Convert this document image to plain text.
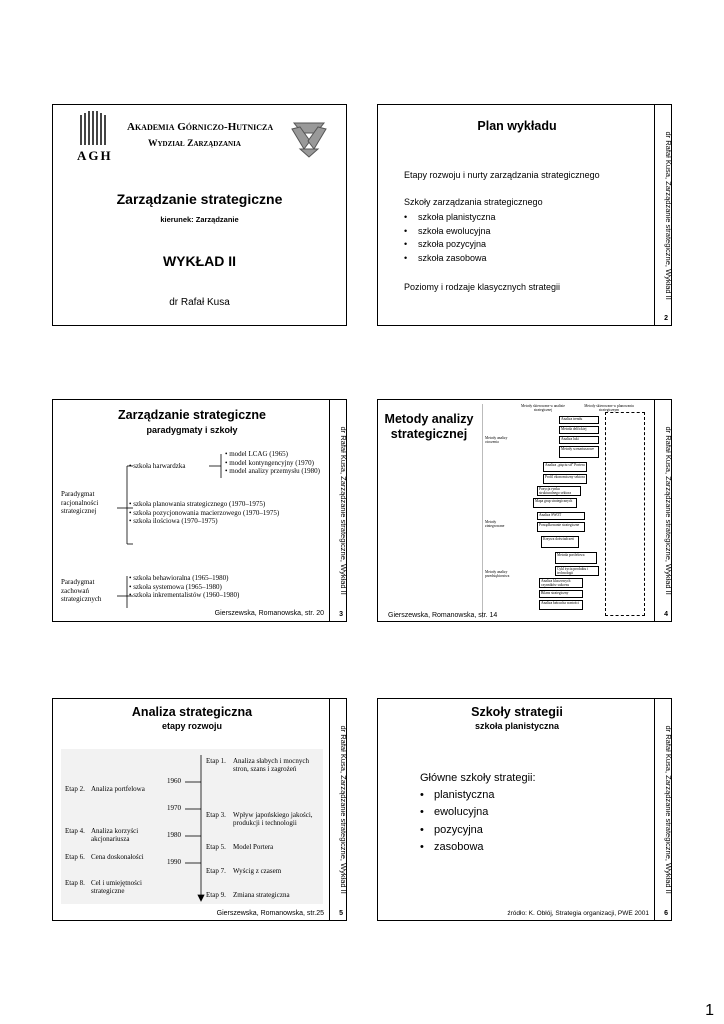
AGH
Akademia Górniczo-Hutnicza
Wydział Zarządzania
Zarządzanie strategiczne
kierunek: Zarządzanie
WYKŁAD II
dr Rafał Kusa
Plan wykładu
Etapy rozwoju i nurty zarządzania strategicznego
Szkoły zarządzania strategicznego
• szkoła planistyczna
• szkoła ewolucyjna
• szkoła pozycyjna
• szkoła zasobowa
Poziomy i rodzaje klasycznych strategii	dr Rafał Kusa, Zarządzanie strategiczne, Wykład II
2
Zarządzanie strategiczne
paradygmaty i szkoły
Paradygmat racjonalności strategicznej
Paradygmat zachowań strategicznych
• szkoła harwardzka
• model LCAG (1965)
• model kontyngencyjny (1970)
• model analizy przemysłu (1980)
• szkoła planowania strategicznego (1970–1975)
• szkoła pozycjonowania macierzowego (1970–1975)
• szkoła ilościowa (1970–1975)
• szkoła behawioralna (1965–1980)
• szkoła systemowa (1965–1980)
• szkoła inkrementalistów (1960–1980)
Gierszewska, Romanowska, str. 20
dr Rafał Kusa, Zarządzanie strategiczne, Wykład II
3
Metody analizy strategicznej
Metody skierowane w analizie strategicznej
Metody skierowane w planowaniu strategicznym
Metody analizy otoczenia
Metody zintegrowane
Metody analizy przedsiębiorstwa
Analiza trendu
Metoda delfickiej
Analiza luki
Metody scenariuszowe
Analiza „pięciu sił” Portera
Profil ekonomiczny sektora
Pozycja rynku strukturalnego sektora
Mapa grup strategicznych
Analiza SWOT
Porządkowanie strategiczne
Krzywa doświadczeń
Metoda portfelowa
Cykl życia produktu i technologii
Analiza kluczowych czynników sukcesu
Bilans strategiczny
Analiza łańcucha wartości
Gierszewska, Romanowska, str. 14
dr Rafał Kusa, Zarządzanie strategiczne, Wykład II
4
Analiza strategiczna
etapy rozwoju
1960
1970
1980
1990
Etap 2. Analiza portfelowa
Etap 4. Analiza korzyści akcjonariusza
Etap 6. Cena doskonałości
Etap 8. Cel i umiejętności strategiczne
Etap 1. Analiza słabych i mocnych stron, szans i zagrożeń
Etap 3. Wpływ japońskiego jakości, produkcji i technologii
Etap 5. Model Portera
Etap 7. Wyścig z czasem
Etap 9. Zmiana strategiczna
Gierszewska, Romanowska, str.25
dr Rafał Kusa, Zarządzanie strategiczne, Wykład II
5
Szkoły strategii
szkoła planistyczna
Główne szkoły strategii:
• planistyczna
• ewolucyjna
• pozycyjna
• zasobowa
źródło: K. Obłój, Strategia organizacji, PWE 2001
dr Rafał Kusa, Zarządzanie strategiczne, Wykład II
6
1
